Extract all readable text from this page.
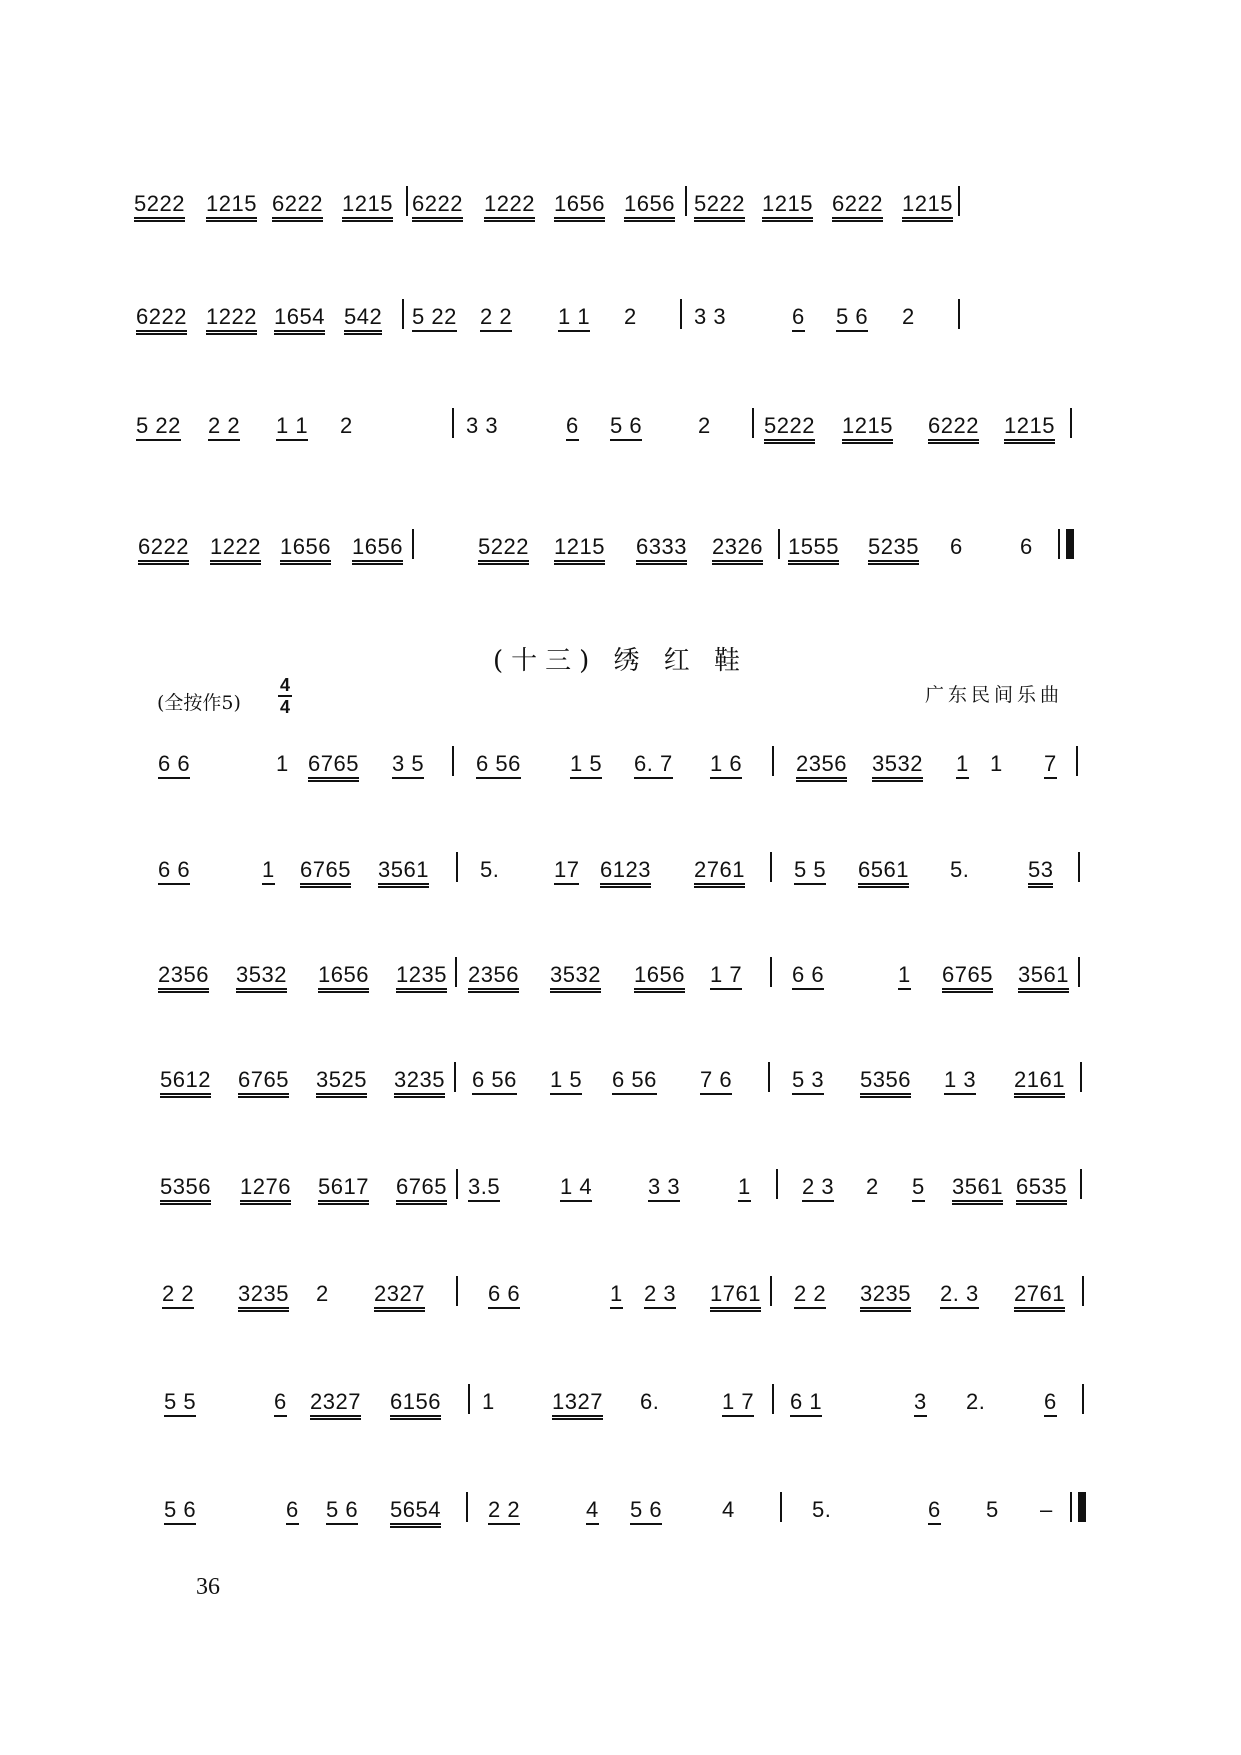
5222 1215 6222 1215 6222 1222 1656 1656 5222 1215 6222 1215
6222 1222 1654 542 5 22 2 2 1 1 2	3 3	6 5 6 2
5 22 2 2 1 1 2	3 3	6 5 6	2 5222 1215 6222 1215
6222 1222 1656 1656	5222 1215 6333 2326 1555 5235 6	6
(十三) 绣 红 鞋
(全按作$5) \frac{4}{4}$	广东民间乐曲
6 6	1 6765 3 5 6 56 1 5 6. 7 1 6 2356 3532 1 1 7
6 6	1 6765 3561 5. 17 6123 2761 5 5 6561 5.	53
2356 3532 1656 1235 2356 3532 1656 1 7 6 6	1 6765 3561
5612 6765 3525 3235 6 56 1 5 6 56 7 6	5 3 5356 1 3 2161
5356 1276 5617 6765 3.5	1 4	3 3	1 2 3 2 5 3561 6535
2 2 3235 2 2327	6 6	1 2 3 1761 2 2 3235 2. 3 2761
5 5	6 2327 6156 1	1327 6.	1 7 6 1	3 2.	6
5 6	6 5 6 5654 2 2	4 5 6	4	5.	6 5 –
36
